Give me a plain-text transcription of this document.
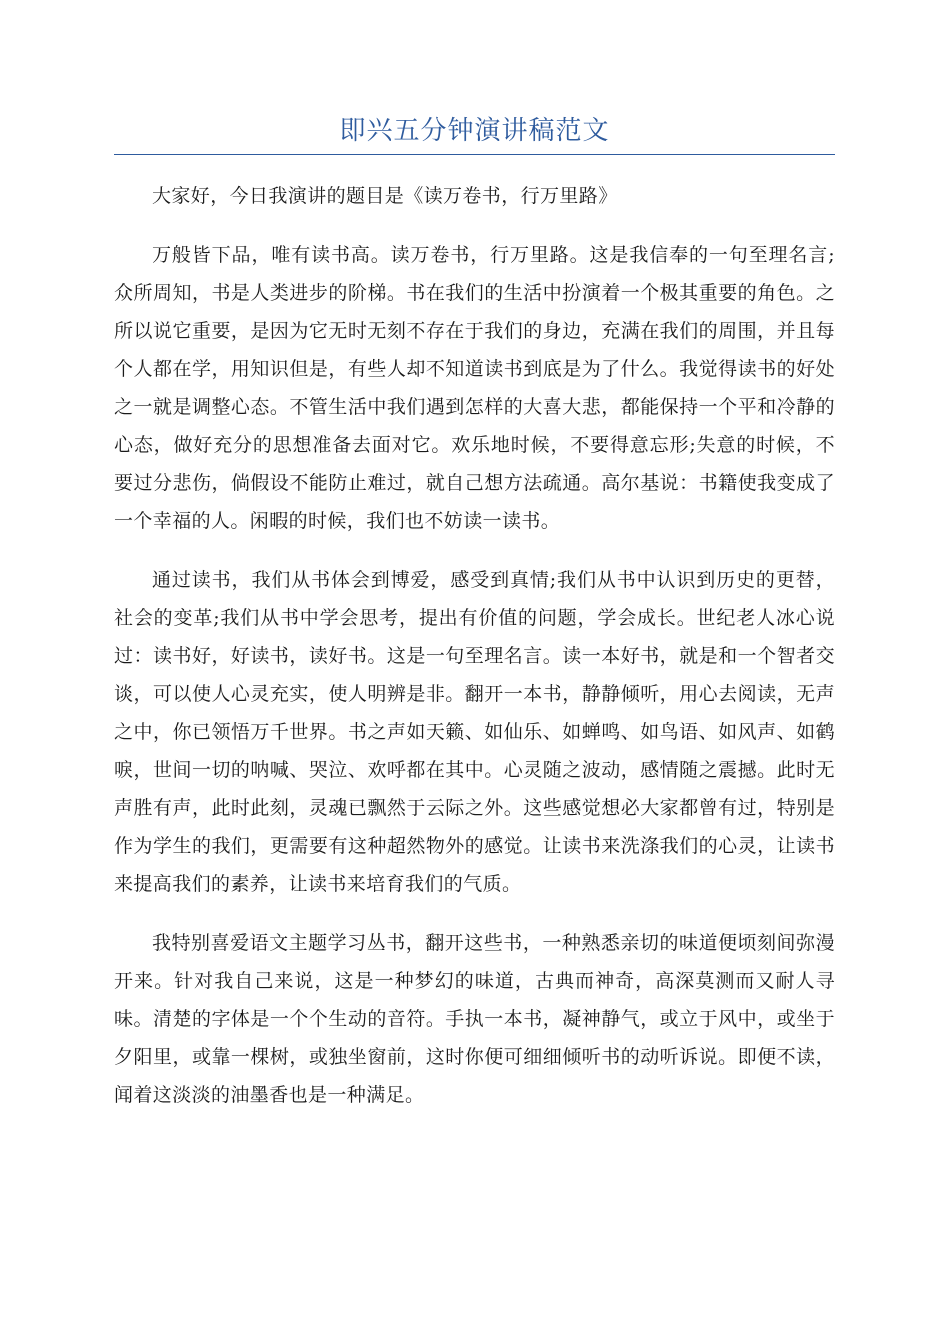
即兴五分钟演讲稿范文

大家好，今日我演讲的题目是《读万卷书，行万里路》

万般皆下品，唯有读书高。读万卷书，行万里路。这是我信奉的一句至理名言;众所周知，书是人类进步的阶梯。书在我们的生活中扮演着一个极其重要的角色。之所以说它重要，是因为它无时无刻不存在于我们的身边，充满在我们的周围，并且每个人都在学，用知识但是，有些人却不知道读书到底是为了什么。我觉得读书的好处之一就是调整心态。不管生活中我们遇到怎样的大喜大悲，都能保持一个平和冷静的心态，做好充分的思想准备去面对它。欢乐地时候，不要得意忘形;失意的时候，不要过分悲伤，倘假设不能防止难过，就自己想方法疏通。高尔基说：书籍使我变成了一个幸福的人。闲暇的时候，我们也不妨读一读书。

通过读书，我们从书体会到博爱，感受到真情;我们从书中认识到历史的更替，社会的变革;我们从书中学会思考，提出有价值的问题，学会成长。世纪老人冰心说过：读书好，好读书，读好书。这是一句至理名言。读一本好书，就是和一个智者交谈，可以使人心灵充实，使人明辨是非。翻开一本书，静静倾听，用心去阅读，无声之中，你已领悟万千世界。书之声如天籁、如仙乐、如蝉鸣、如鸟语、如风声、如鹤唳，世间一切的呐喊、哭泣、欢呼都在其中。心灵随之波动，感情随之震撼。此时无声胜有声，此时此刻，灵魂已飘然于云际之外。这些感觉想必大家都曾有过，特别是作为学生的我们，更需要有这种超然物外的感觉。让读书来洗涤我们的心灵，让读书来提高我们的素养，让读书来培育我们的气质。

我特别喜爱语文主题学习丛书，翻开这些书，一种熟悉亲切的味道便顷刻间弥漫开来。针对我自己来说，这是一种梦幻的味道，古典而神奇，高深莫测而又耐人寻味。清楚的字体是一个个生动的音符。手执一本书，凝神静气，或立于风中，或坐于夕阳里，或靠一棵树，或独坐窗前，这时你便可细细倾听书的动听诉说。即便不读，闻着这淡淡的油墨香也是一种满足。
